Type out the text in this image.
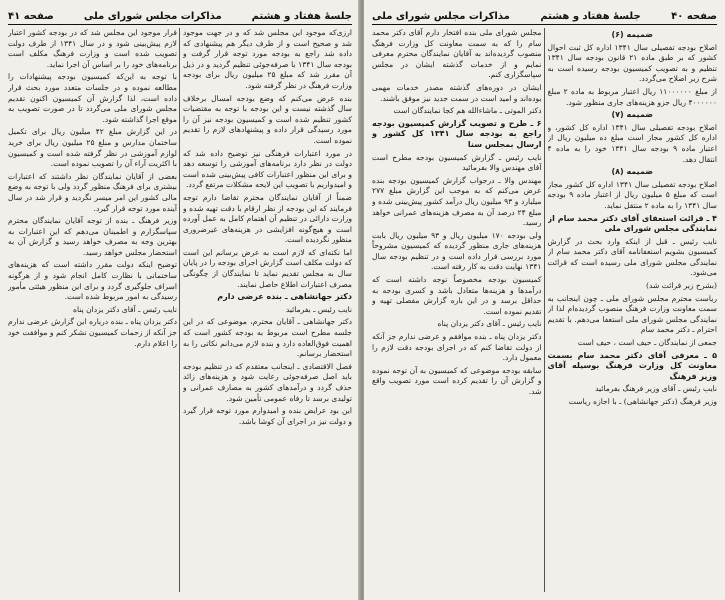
جلسهٔ هفتاد و هشتم
مذاکرات مجلس شورای ملی
صفحه ۴۱

ارزی‌که موجود این مجلس شد که و در جهت موجود شد و صحیح است و از طرف دیگر هم پیشنهادی که داده شد راجع به بودجه مورد توجه قرار گرفت و بودجه سال ۱۳۴۱ با صرفه‌جوئی تنظیم گردید و در ذیل آن مقرر شد که مبلغ ۲۵ میلیون ریال برای بودجه وزارت فرهنگ در نظر گرفته شود.

بنده عرض می‌کنم که وضع بودجه امسال برخلاف سال گذشته نیست و این بودجه با توجه به مقتضیات کشور تنظیم شده است و کمیسیون بودجه نیز آن را مورد رسیدگی قرار داده و پیشنهادهای لازم را تقدیم نموده است.

در مورد اعتبارات فرهنگی نیز توضیح داده شد که دولت در نظر دارد برنامه‌های آموزشی را توسعه دهد و برای این منظور اعتبارات کافی پیش‌بینی شده است و امیدواریم با تصویب این لایحه مشکلات مرتفع گردد.

ضمناً از آقایان نمایندگان محترم تقاضا دارم توجه فرمایند که این بودجه از نظر ارقام با دقت تهیه شده و وزارت دارائی در تنظیم آن اهتمام کامل به عمل آورده است و هیچ‌گونه افزایشی در هزینه‌های غیرضروری منظور نگردیده است.

اما نکته‌ای که لازم است به عرض برسانم این است که دولت مکلف است گزارش اجرای بودجه را در پایان سال به مجلس تقدیم نماید تا نمایندگان از چگونگی مصرف اعتبارات اطلاع حاصل نمایند.

دکتر جهانشاهی ـ بنده عرضی دارم

نایب رئیس ـ بفرمائید

دکتر جهانشاهی ـ آقایان محترم، موضوعی که در این جلسه مطرح است مربوط به بودجه کشور است که اهمیت فوق‌العاده دارد و بنده لازم می‌دانم نکاتی را به استحضار برسانم.

فصل الاقتصادی ـ اینجانب معتقدم که در تنظیم بودجه باید اصل صرفه‌جوئی رعایت شود و هزینه‌های زائد حذف گردد و درآمدهای کشور به مصارف عمرانی و تولیدی برسد تا رفاه عمومی تأمین شود.

این بود عرایض بنده و امیدوارم مورد توجه قرار گیرد و دولت نیز در اجرای آن کوشا باشد.

قرار موجود این مجلس شد که در بودجه کشور اعتبار لازم پیش‌بینی شود و در سال ۱۳۴۱ از طرف دولت تصویب شده است و وزارت فرهنگ مکلف است برنامه‌های خود را بر اساس آن اجرا نماید.

با توجه به این‌که کمیسیون بودجه پیشنهادات را مطالعه نموده و در جلسات متعدد مورد بحث قرار داده است، لذا گزارش آن کمیسیون اکنون تقدیم مجلس شورای ملی می‌گردد تا در صورت تصویب به موقع اجرا گذاشته شود.

در این گزارش مبلغ ۴۲ میلیون ریال برای تکمیل ساختمان مدارس و مبلغ ۲۵ میلیون ریال برای خرید لوازم آموزشی در نظر گرفته شده است و کمیسیون با اکثریت آراء آن را تصویب نموده است.

بعضی از آقایان نمایندگان نظر داشتند که اعتبارات بیشتری برای فرهنگ منظور گردد ولی با توجه به وضع مالی کشور این امر میسر نگردید و قرار شد در سال آینده مورد توجه قرار گیرد.

وزیر فرهنگ ـ بنده از توجه آقایان نمایندگان محترم سپاسگزارم و اطمینان می‌دهم که این اعتبارات به بهترین وجه به مصرف خواهد رسید و گزارش آن به استحضار مجلس خواهد رسید.

توضیح اینکه دولت مقرر داشته است که هزینه‌های ساختمانی با نظارت کامل انجام شود و از هرگونه اسراف جلوگیری گردد و برای این منظور هیئتی مأمور رسیدگی به امور مربوط شده است.

نایب رئیس ـ آقای دکتر یزدان پناه

دکتر یزدان پناه ـ بنده درباره این گزارش عرضی ندارم جز آنکه از زحمات کمیسیون تشکر کنم و موافقت خود را اعلام دارم.

صفحه ۴۰
جلسهٔ هفتاد و هشتم
مذاکرات مجلس شورای ملی

ضمیمه (۶)

اصلاح بودجه تفصیلی سال ۱۳۴۱ اداره کل ثبت احوال کشور که بر طبق ماده ۲۱ قانون بودجه سال ۱۳۴۱ تنظیم و به تصویب کمیسیون بودجه رسیده است به شرح زیر اصلاح می‌گردد.

از مبلغ ۱۱۰۰۰۰۰۰ ریال اعتبار مربوط به ماده ۲ مبلغ ۴۰۰۰۰۰۰ ریال جزو هزینه‌های جاری منظور شود.

ضمیمه (۷)

اصلاح بودجه تفصیلی سال ۱۳۴۱ اداره کل کشور، و اداره کل کشور مجاز است مبلغ ده میلیون ریال از اعتبار ماده ۹ بودجه سال ۱۳۴۱ خود را به ماده ۴ انتقال دهد.

ضمیمه (۸)

اصلاح بودجه تفصیلی سال ۱۳۴۱ اداره کل کشور مجاز است که مبلغ ۵ میلیون ریال از اعتبار ماده ۹ بودجه سال ۱۳۴۱ را به ماده ۲ منتقل نماید.

۴ ـ قرائت استعفای آقای دکتر محمد سام از نمایندگی مجلس شورای ملی

نایب رئیس ـ قبل از اینکه وارد بحث در گزارش کمیسیون بشویم استعفانامه آقای دکتر محمد سام از نمایندگی مجلس شورای ملی رسیده است که قرائت می‌شود.

(بشرح زیر قرائت شد)

ریاست محترم مجلس شورای ملی ـ چون اینجانب به سمت معاونت وزارت فرهنگ منصوب گردیده‌ام لذا از نمایندگی مجلس شورای ملی استعفا می‌دهم. با تقدیم احترام ـ دکتر محمد سام

جمعی از نمایندگان ـ حیف است ، حیف است

۵ ـ معرفی آقای دکتر محمد سام بسمت معاونت کل وزارت فرهنگ بوسیله آقای وزیر فرهنگ

نایب رئیس ـ آقای وزیر فرهنگ بفرمائید

وزیر فرهنگ (دکتر جهانشاهی) ـ با اجازه ریاست

مجلس شورای ملی بنده افتخار دارم آقای دکتر محمد سام را که به سمت معاونت کل وزارت فرهنگ منصوب گردیده‌اند به آقایان نمایندگان محترم معرفی نمایم و از خدمات گذشته ایشان در مجلس سپاسگزاری کنم.

ایشان در دوره‌های گذشته مصدر خدمات مهمی بوده‌اند و امید است در سمت جدید نیز موفق باشند.

دکتر الموتی ـ ماشاءالله هم کجا نمایندگان است

۶ ـ طرح و تصویب گزارش کمیسیون بودجه راجع به بودجه سال ۱۳۴۱ کل کشور و ارسال بمجلس سنا

نایب رئیس ـ گزارش کمیسیون بودجه مطرح است آقای مهندس والا بفرمائید

مهندس والا ـ درجواب گزارش کمیسیون بودجه بنده عرض می‌کنم که به موجب این گزارش مبلغ ۲۷۷ میلیارد و ۹۳ میلیون ریال درآمد کشور پیش‌بینی شده و مبلغ ۲۴ درصد آن به مصرف هزینه‌های عمرانی خواهد رسید.

ولی بودجه ۱۷۰ میلیون ریال و ۹۳ میلیون ریال بابت هزینه‌های جاری منظور گردیده که کمیسیون مشروحاً مورد بررسی قرار داده است و در تنظیم بودجه سال ۱۳۴۱ نهایت دقت به کار رفته است.

کمیسیون بودجه مخصوصاً توجه داشته است که درآمدها و هزینه‌ها متعادل باشد و کسری بودجه به حداقل برسد و در این باره گزارش مفصلی تهیه و تقدیم نموده است.

نایب رئیس ـ آقای دکتر یزدان پناه

دکتر یزدان پناه ـ بنده موافقم و عرضی ندارم جز آنکه از دولت تقاضا کنم که در اجرای بودجه دقت لازم را معمول دارد.

سابقه بودجه موضوعی که کمیسیون به آن توجه نموده و گزارش آن را تقدیم کرده است مورد تصویب واقع شد.
